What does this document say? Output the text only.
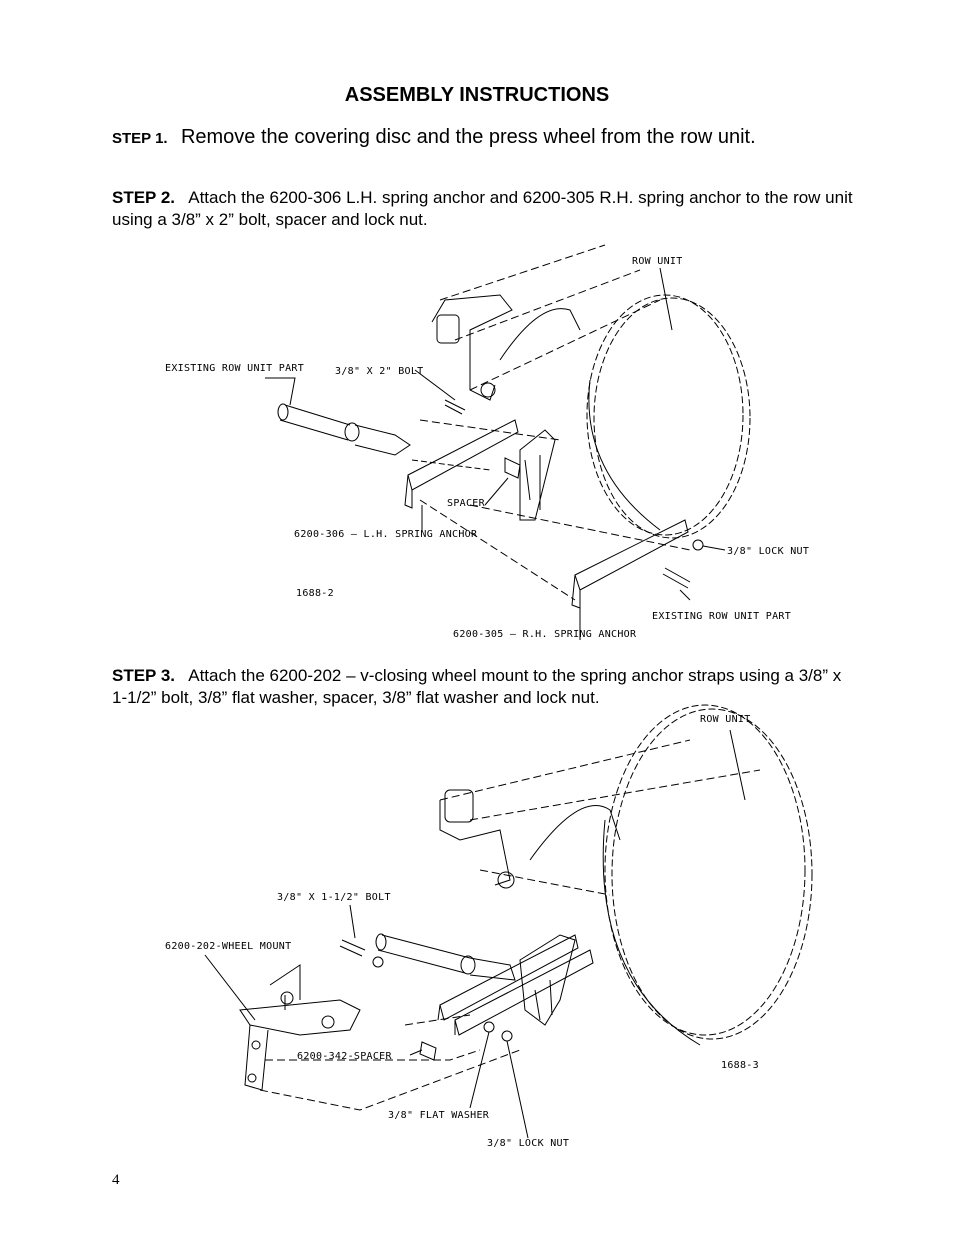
ASSEMBLY INSTRUCTIONS
STEP 1. Remove the covering disc and the press wheel from the row unit.
STEP 2. Attach the 6200-306 L.H. spring anchor and 6200-305 R.H. spring anchor to the row unit using a 3/8” x 2” bolt, spacer and lock nut.
STEP 3. Attach the 6200-202 – v-closing wheel mount to the spring anchor straps using a 3/8” x 1-1/2” bolt, 3/8” flat washer, spacer, 3/8” flat washer and lock nut.
ROW UNIT
EXISTING ROW UNIT PART	3/8" X 2" BOLT
SPACER
6200-306 – L.H. SPRING ANCHOR
3/8" LOCK NUT
1688-2
EXISTING ROW UNIT PART
6200-305 – R.H. SPRING ANCHOR
ROW UNIT
3/8" X 1-1/2" BOLT
6200-202-WHEEL MOUNT
6200-342-SPACER
1688-3
3/8" FLAT WASHER
3/8" LOCK NUT
4
